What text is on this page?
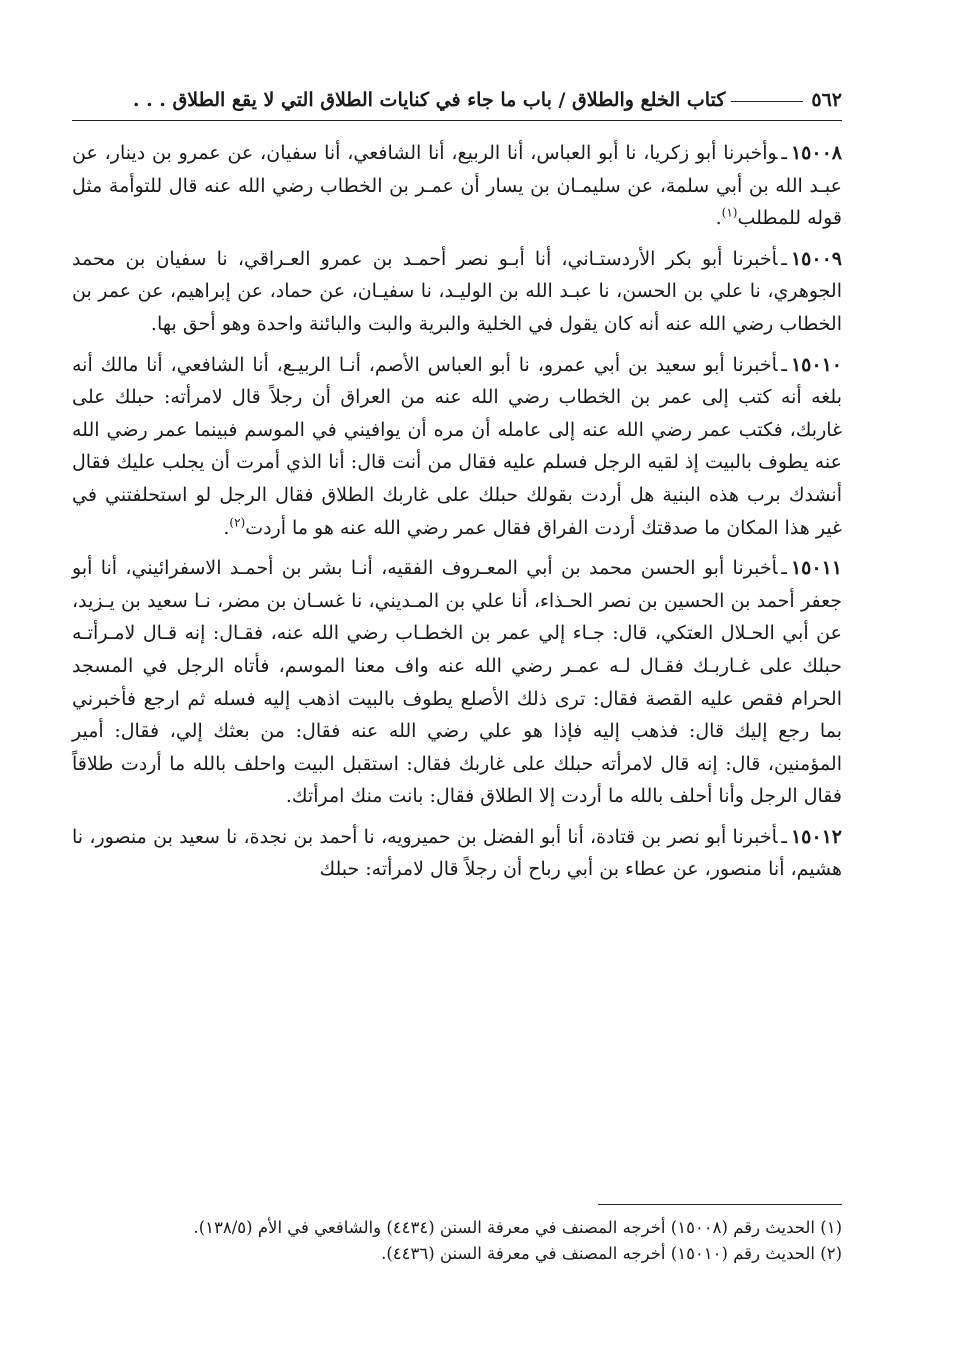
٥٦٢
كتاب الخلع والطلاق / باب ما جاء في كنايات الطلاق التي لا يقع الطلاق . . .

١٥٠٠٨ـوأخبرنا أبو زكريا، نا أبو العباس، أنا الربيع، أنا الشافعي، أنا سفيان، عن عمرو بن دينار، عن عبـد الله بن أبي سلمة، عن سليمـان بن يسار أن عمـر بن الخطاب رضي الله عنه قال للتوأمة مثل قوله للمطلب$^{(١)}$.

١٥٠٠٩ـأخبرنا أبو بكر الأردستـاني، أنا أبـو نصر أحمـد بن عمرو العـراقي، نا سفيان بن محمد الجوهري، نا علي بن الحسن، نا عبـد الله بن الوليـد، نا سفيـان، عن حماد، عن إبراهيم، عن عمر بن الخطاب رضي الله عنه أنه كان يقول في الخلية والبرية والبت والبائنة واحدة وهو أحق بها.

١٥٠١٠ـأخبرنا أبو سعيد بن أبي عمرو، نا أبو العباس الأصم، أنـا الربيـع، أنا الشافعي، أنا مالك أنه بلغه أنه كتب إلى عمر بن الخطاب رضي الله عنه من العراق أن رجلاً قال لامرأته: حبلك على غاربك، فكتب عمر رضي الله عنه إلى عامله أن مره أن يوافيني في الموسم فبينما عمر رضي الله عنه يطوف بالبيت إذ لقيه الرجل فسلم عليه فقال من أنت قال: أنا الذي أمرت أن يجلب عليك فقال أنشدك برب هذه البنية هل أردت بقولك حبلك على غاربك الطلاق فقال الرجل لو استحلفتني في غير هذا المكان ما صدقتك أردت الفراق فقال عمر رضي الله عنه هو ما أردت$^{(٢)}$.

١٥٠١١ـأخبرنا أبو الحسن محمد بن أبي المعـروف الفقيه، أنـا بشر بن أحمـد الاسفرائيني، أنا أبو جعفر أحمد بن الحسين بن نصر الحـذاء، أنا علي بن المـديني، نا غسـان بن مضر، نـا سعيد بن يـزيد، عن أبي الحـلال العتكي، قال: جـاء إلي عمر بن الخطـاب رضي الله عنه، فقـال: إنه قـال لامـرأتـه حبلك على غـاربـك فقـال لـه عمـر رضي الله عنه واف معنا الموسم، فأتاه الرجل في المسجد الحرام فقص عليه القصة فقال: ترى ذلك الأصلع يطوف بالبيت اذهب إليه فسله ثم ارجع فأخبرني بما رجع إليك قال: فذهب إليه فإذا هو علي رضي الله عنه فقال: من بعثك إلي، فقال: أمير المؤمنين، قال: إنه قال لامرأته حبلك على غاربك فقال: استقبل البيت واحلف بالله ما أردت طلاقاً فقال الرجل وأنا أحلف بالله ما أردت إلا الطلاق فقال: بانت منك امرأتك.

١٥٠١٢ـأخبرنا أبو نصر بن قتادة، أنا أبو الفضل بن حميرويه، نا أحمد بن نجدة، نا سعيد بن منصور، نا هشيم، أنا منصور، عن عطاء بن أبي رباح أن رجلاً قال لامرأته: حبلك

(١) الحديث رقم (١٥٠٠٨) أخرجه المصنف في معرفة السنن (٤٤٣٤) والشافعي في الأم (١٣٨/٥).

(٢) الحديث رقم (١٥٠١٠) أخرجه المصنف في معرفة السنن (٤٤٣٦).
